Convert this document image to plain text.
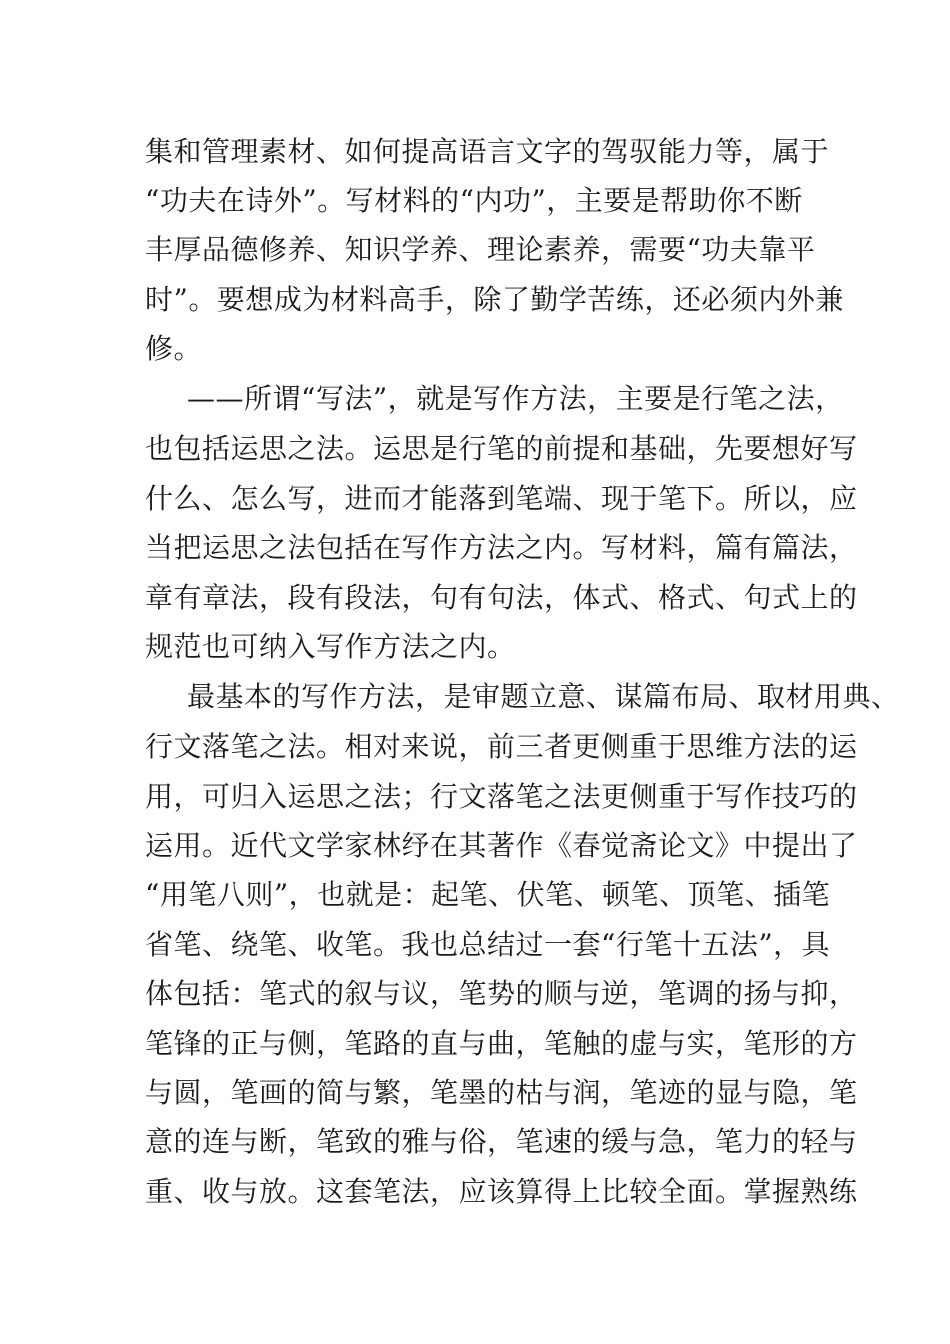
集和管理素材、如何提高语言文字的驾驭能力等，属于
“功夫在诗外”。写材料的“内功”，主要是帮助你不断
丰厚品德修养、知识学养、理论素养，需要“功夫靠平
时”。要想成为材料高手，除了勤学苦练，还必须内外兼
修。
——所谓“写法”，就是写作方法，主要是行笔之法，
也包括运思之法。运思是行笔的前提和基础，先要想好写
什么、怎么写，进而才能落到笔端、现于笔下。所以，应
当把运思之法包括在写作方法之内。写材料，篇有篇法，
章有章法，段有段法，句有句法，体式、格式、句式上的
规范也可纳入写作方法之内。
最基本的写作方法，是审题立意、谋篇布局、取材用典、
行文落笔之法。相对来说，前三者更侧重于思维方法的运
用，可归入运思之法；行文落笔之法更侧重于写作技巧的
运用。近代文学家林纾在其著作《春觉斋论文》中提出了
“用笔八则”，也就是：起笔、伏笔、顿笔、顶笔、插笔
省笔、绕笔、收笔。我也总结过一套“行笔十五法”，具
体包括：笔式的叙与议，笔势的顺与逆，笔调的扬与抑，
笔锋的正与侧，笔路的直与曲，笔触的虚与实，笔形的方
与圆，笔画的简与繁，笔墨的枯与润，笔迹的显与隐，笔
意的连与断，笔致的雅与俗，笔速的缓与急，笔力的轻与
重、收与放。这套笔法，应该算得上比较全面。掌握熟练
